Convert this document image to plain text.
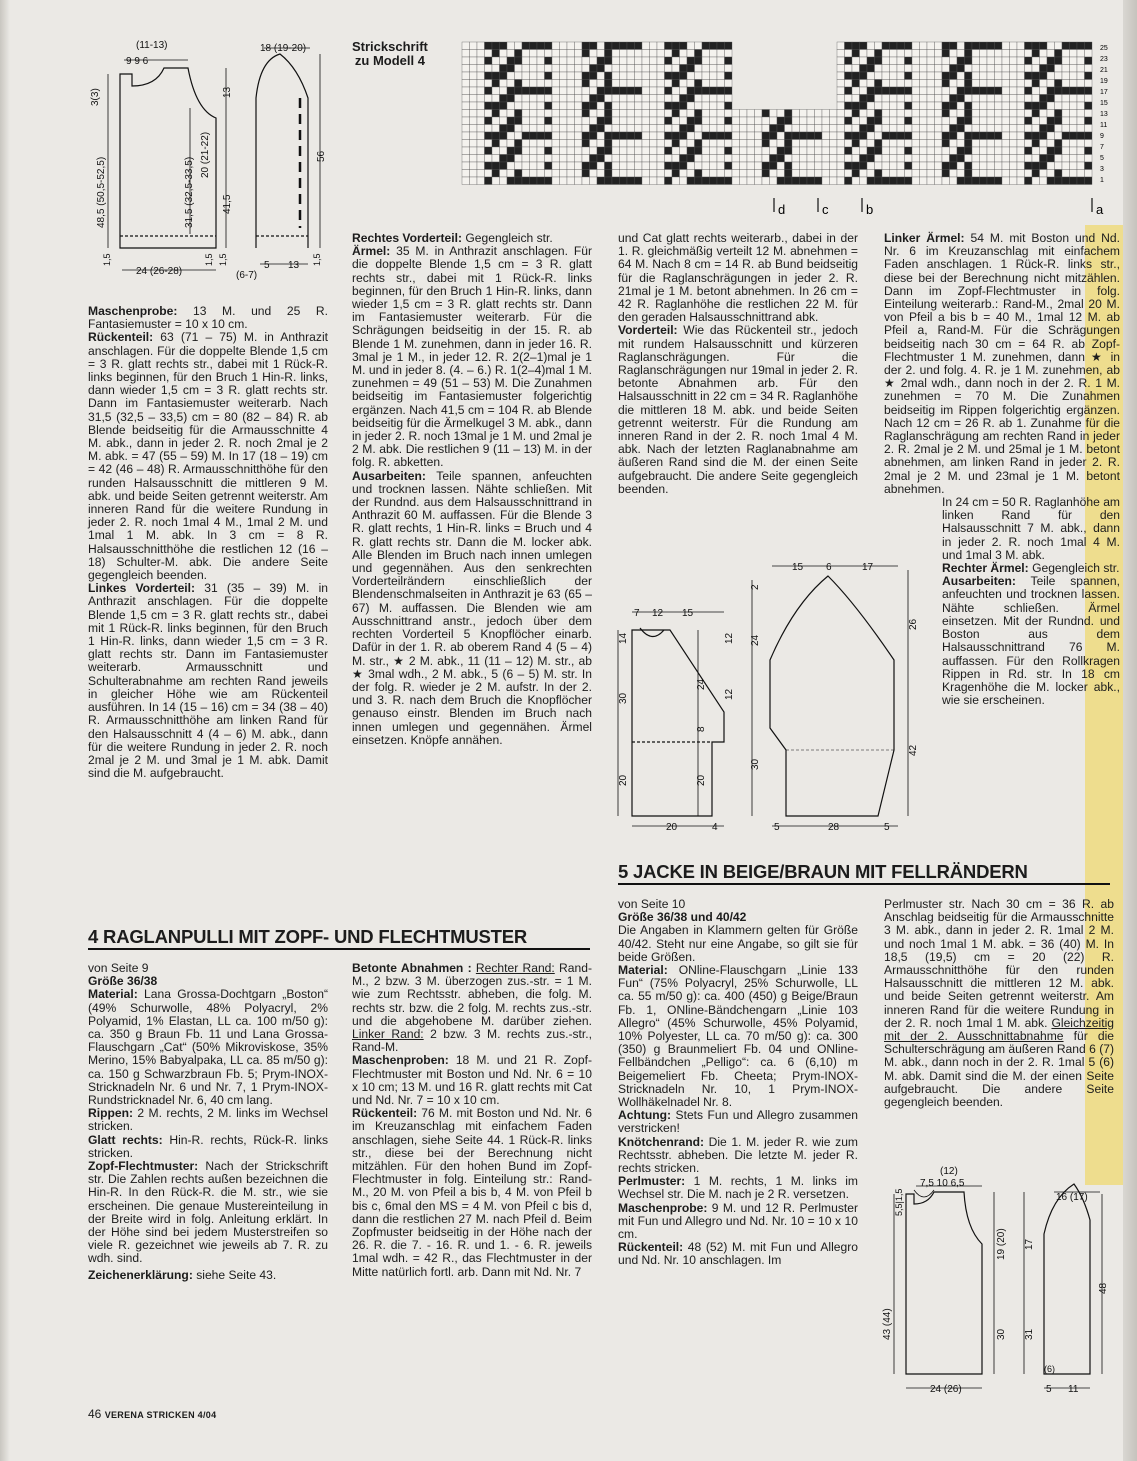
(11-13)
9 9 6
18 (19-20)
48,5 (50,5-52,5)	31,5 (32,5-33,5)
3(3)	13
20 (21-22)
41,5
56
1,5	1,5 1,5	1,5
24 (26-28)
5 13
(6-7)
Strickschrift
zu Modell 4
25
23
21
19
17
15
13
11
9
7
5
3
1
d	c	b	a

Maschenprobe: 13 M. und 25 R. Fantasiemuster = 10 x 10 cm.

Rückenteil: 63 (71 – 75) M. in Anthrazit anschlagen. Für die doppelte Blende 1,5 cm = 3 R. glatt rechts str., dabei mit 1 Rück-R. links beginnen, für den Bruch 1 Hin-R. links, dann wieder 1,5 cm = 3 R. glatt rechts str. Dann im Fantasiemuster weiterarb. Nach 31,5 (32,5 – 33,5) cm = 80 (82 – 84) R. ab Blende beidseitig für die Armausschnitte 4 M. abk., dann in jeder 2. R. noch 2mal je 2 M. abk. = 47 (55 – 59) M. In 17 (18 – 19) cm = 42 (46 – 48) R. Armausschnitthöhe für den runden Halsausschnitt die mittleren 9 M. abk. und beide Seiten getrennt weiterstr. Am inneren Rand für die weitere Rundung in jeder 2. R. noch 1mal 4 M., 1mal 2 M. und 1mal 1 M. abk. In 3 cm = 8 R. Halsausschnitthöhe die restlichen 12 (16 – 18) Schulter-M. abk. Die andere Seite gegengleich beenden.

Linkes Vorderteil: 31 (35 – 39) M. in Anthrazit anschlagen. Für die doppelte Blende 1,5 cm = 3 R. glatt rechts str., dabei mit 1 Rück-R. links beginnen, für den Bruch 1 Hin-R. links, dann wieder 1,5 cm = 3 R. glatt rechts str. Dann im Fantasiemuster weiterarb. Armausschnitt und Schulterabnahme am rechten Rand jeweils in gleicher Höhe wie am Rückenteil ausführen. In 14 (15 – 16) cm = 34 (38 – 40) R. Armausschnitthöhe am linken Rand für den Halsausschnitt 4 (4 – 6) M. abk., dann für die weitere Rundung in jeder 2. R. noch 2mal je 2 M. und 3mal je 1 M. abk. Damit sind die M. aufgebraucht.

Rechtes Vorderteil: Gegengleich str.

Ärmel: 35 M. in Anthrazit anschlagen. Für die doppelte Blende 1,5 cm = 3 R. glatt rechts str., dabei mit 1 Rück-R. links beginnen, für den Bruch 1 Hin-R. links, dann wieder 1,5 cm = 3 R. glatt rechts str. Dann im Fantasiemuster weiterarb. Für die Schrägungen beidseitig in der 15. R. ab Blende 1 M. zunehmen, dann in jeder 16. R. 3mal je 1 M., in jeder 12. R. 2(2–1)mal je 1 M. und in jeder 8. (4. – 6.) R. 1(2–4)mal 1 M. zunehmen = 49 (51 – 53) M. Die Zunahmen beidseitig im Fantasiemuster folgerichtig ergänzen. Nach 41,5 cm = 104 R. ab Blende beidseitig für die Ärmelkugel 3 M. abk., dann in jeder 2. R. noch 13mal je 1 M. und 2mal je 2 M. abk. Die restlichen 9 (11 – 13) M. in der folg. R. abketten.

Ausarbeiten: Teile spannen, anfeuchten und trocknen lassen. Nähte schließen. Mit der Rundnd. aus dem Halsausschnittrand in Anthrazit 60 M. auffassen. Für die Blende 3 R. glatt rechts, 1 Hin-R. links = Bruch und 4 R. glatt rechts str. Dann die M. locker abk. Alle Blenden im Bruch nach innen umlegen und gegennähen. Aus den senkrechten Vorderteilrändern einschließlich der Blendenschmalseiten in Anthrazit je 63 (65 – 67) M. auffassen. Die Blenden wie am Ausschnittrand anstr., jedoch über dem rechten Vorderteil 5 Knopflöcher einarb. Dafür in der 1. R. ab oberem Rand 4 (5 – 4) M. str., ★ 2 M. abk., 11 (11 – 12) M. str., ab ★ 3mal wdh., 2 M. abk., 5 (6 – 5) M. str. In der folg. R. wieder je 2 M. aufstr. In der 2. und 3. R. nach dem Bruch die Knopflöcher genauso einstr. Blenden im Bruch nach innen umlegen und gegennähen. Ärmel einsetzen. Knöpfe annähen.

und Cat glatt rechts weiterarb., dabei in der 1. R. gleichmäßig verteilt 12 M. abnehmen = 64 M. Nach 8 cm = 14 R. ab Bund beidseitig für die Raglanschrägungen in jeder 2. R. 21mal je 1 M. betont abnehmen. In 26 cm = 42 R. Raglanhöhe die restlichen 22 M. für den geraden Halsausschnittrand abk.

Vorderteil: Wie das Rückenteil str., jedoch mit rundem Halsausschnitt und kürzeren Raglanschrägungen. Für die Raglanschrägungen nur 19mal in jeder 2. R. betonte Abnahmen arb. Für den Halsausschnitt in 22 cm = 34 R. Raglanhöhe die mittleren 18 M. abk. und beide Seiten getrennt weiterstr. Für die Rundung am inneren Rand in der 2. R. noch 1mal 4 M. abk. Nach der letzten Raglanabnahme am äußeren Rand sind die M. der einen Seite aufgebraucht. Die andere Seite gegengleich beenden.

Linker Ärmel: 54 M. mit Boston und Nd. Nr. 6 im Kreuzanschlag mit einfachem Faden anschlagen. 1 Rück-R. links str., diese bei der Berechnung nicht mitzählen. Dann im Zopf-Flechtmuster in folg. Einteilung weiterarb.: Rand-M., 2mal 20 M. von Pfeil a bis b = 40 M., 1mal 12 M. ab Pfeil a, Rand-M. Für die Schrägungen beidseitig nach 30 cm = 64 R. ab Zopf-Flechtmuster 1 M. zunehmen, dann ★ in der 2. und folg. 4. R. je 1 M. zunehmen, ab ★ 2mal wdh., dann noch in der 2. R. 1 M. zunehmen = 70 M. Die Zunahmen beidseitig im Rippen folgerichtig ergänzen. Nach 12 cm = 26 R. ab 1. Zunahme für die Raglanschrägung am rechten Rand in jeder 2. R. 2mal je 2 M. und 25mal je 1 M. betont abnehmen, am linken Rand in jeder 2. R. 2mal je 2 M. und 23mal je 1 M. betont abnehmen.

In 24 cm = 50 R. Raglanhöhe am linken Rand für den Halsausschnitt 7 M. abk., dann in jeder 2. R. noch 1mal 4 M. und 1mal 3 M. abk.

Rechter Ärmel: Gegengleich str.

Ausarbeiten: Teile spannen, anfeuchten und trocknen lassen. Nähte schließen. Ärmel einsetzen. Mit der Rundnd. und Boston aus dem Halsausschnittrand 76 M. auffassen. Für den Rollkragen Rippen in Rd. str. In 18 cm Kragenhöhe die M. locker abk., wie sie erscheinen.

7 12 15
14
30
20
24
12
8
20
12
20	4
15 6	17
2
24
30
26
42
5	28	5
4 RAGLANPULLI MIT ZOPF- UND FLECHTMUSTER
5 JACKE IN BEIGE/BRAUN MIT FELLRÄNDERN

von Seite 9

Größe 36/38

Material: Lana Grossa-Dochtgarn „Boston“ (49% Schurwolle, 48% Polyacryl, 2% Polyamid, 1% Elastan, LL ca. 100 m/50 g): ca. 350 g Braun Fb. 11 und Lana Grossa-Flauschgarn „Cat“ (50% Mikroviskose, 35% Merino, 15% Babyalpaka, LL ca. 85 m/50 g): ca. 150 g Schwarzbraun Fb. 5; Prym-INOX-Stricknadeln Nr. 6 und Nr. 7, 1 Prym-INOX-Rundstricknadel Nr. 6, 40 cm lang.

Rippen: 2 M. rechts, 2 M. links im Wechsel stricken.

Glatt rechts: Hin-R. rechts, Rück-R. links stricken.

Zopf-Flechtmuster: Nach der Strickschrift str. Die Zahlen rechts außen bezeichnen die Hin-R. In den Rück-R. die M. str., wie sie erscheinen. Die genaue Mustereinteilung in der Breite wird in folg. Anleitung erklärt. In der Höhe sind bei jedem Musterstreifen so viele R. gezeichnet wie jeweils ab 7. R. zu wdh. sind.

Zeichenerklärung: siehe Seite 43.

Betonte Abnahmen : Rechter Rand: Rand-M., 2 bzw. 3 M. überzogen zus.-str. = 1 M. wie zum Rechtsstr. abheben, die folg. M. rechts str. bzw. die 2 folg. M. rechts zus.-str. und die abgehobene M. darüber ziehen. Linker Rand: 2 bzw. 3 M. rechts zus.-str., Rand-M.

Maschenproben: 18 M. und 21 R. Zopf-Flechtmuster mit Boston und Nd. Nr. 6 = 10 x 10 cm; 13 M. und 16 R. glatt rechts mit Cat und Nd. Nr. 7 = 10 x 10 cm.

Rückenteil: 76 M. mit Boston und Nd. Nr. 6 im Kreuzanschlag mit einfachem Faden anschlagen, siehe Seite 44. 1 Rück-R. links str., diese bei der Berechnung nicht mitzählen. Für den hohen Bund im Zopf-Flechtmuster in folg. Einteilung str.: Rand-M., 20 M. von Pfeil a bis b, 4 M. von Pfeil b bis c, 6mal den MS = 4 M. von Pfeil c bis d, dann die restlichen 27 M. nach Pfeil d. Beim Zopfmuster beidseitig in der Höhe nach der 26. R. die 7. - 16. R. und 1. - 6. R. jeweils 1mal wdh. = 42 R., das Flechtmuster in der Mitte natürlich fortl. arb. Dann mit Nd. Nr. 7

von Seite 10

Größe 36/38 und 40/42

Die Angaben in Klammern gelten für Größe 40/42. Steht nur eine Angabe, so gilt sie für beide Größen.

Material: ONline-Flauschgarn „Linie 133 Fun“ (75% Polyacryl, 25% Schurwolle, LL ca. 55 m/50 g): ca. 400 (450) g Beige/Braun Fb. 1, ONline-Bändchengarn „Linie 103 Allegro“ (45% Schurwolle, 45% Polyamid, 10% Polyester, LL ca. 70 m/50 g): ca. 300 (350) g Braunmeliert Fb. 04 und ONline-Fellbändchen „Pelligo“: ca. 6 (6,10) m Beigemeliert Fb. Cheeta; Prym-INOX-Stricknadeln Nr. 10, 1 Prym-INOX-Wollhäkelnadel Nr. 8.

Achtung: Stets Fun und Allegro zusammen verstricken!

Knötchenrand: Die 1. M. jeder R. wie zum Rechtsstr. abheben. Die letzte M. jeder R. rechts stricken.

Perlmuster: 1 M. rechts, 1 M. links im Wechsel str. Die M. nach je 2 R. versetzen.

Maschenprobe: 9 M. und 12 R. Perlmuster mit Fun und Allegro und Nd. Nr. 10 = 10 x 10 cm.

Rückenteil: 48 (52) M. mit Fun und Allegro und Nd. Nr. 10 anschlagen. Im

Perlmuster str. Nach 30 cm = 36 R. ab Anschlag beidseitig für die Armausschnitte 3 M. abk., dann in jeder 2. R. 1mal 2 M. und noch 1mal 1 M. abk. = 36 (40) M. In 18,5 (19,5) cm = 20 (22) R. Armausschnitthöhe für den runden Halsausschnitt die mittleren 12 M. abk. und beide Seiten getrennt weiterstr. Am inneren Rand für die weitere Rundung in der 2. R. noch 1mal 1 M. abk. Gleichzeitig mit der 2. Ausschnittabnahme für die Schulterschrägung am äußeren Rand 6 (7) M. abk., dann noch in der 2. R. 1mal 5 (6) M. abk. Damit sind die M. der einen Seite aufgebraucht. Die andere Seite gegengleich beenden.

(12)
7,5 10 6,5
5,5|1,5
43 (44)
19 (20) 17
30 31
16 (17)
48
(6)
24 (26)	5 11
46 VERENA STRICKEN 4/04
